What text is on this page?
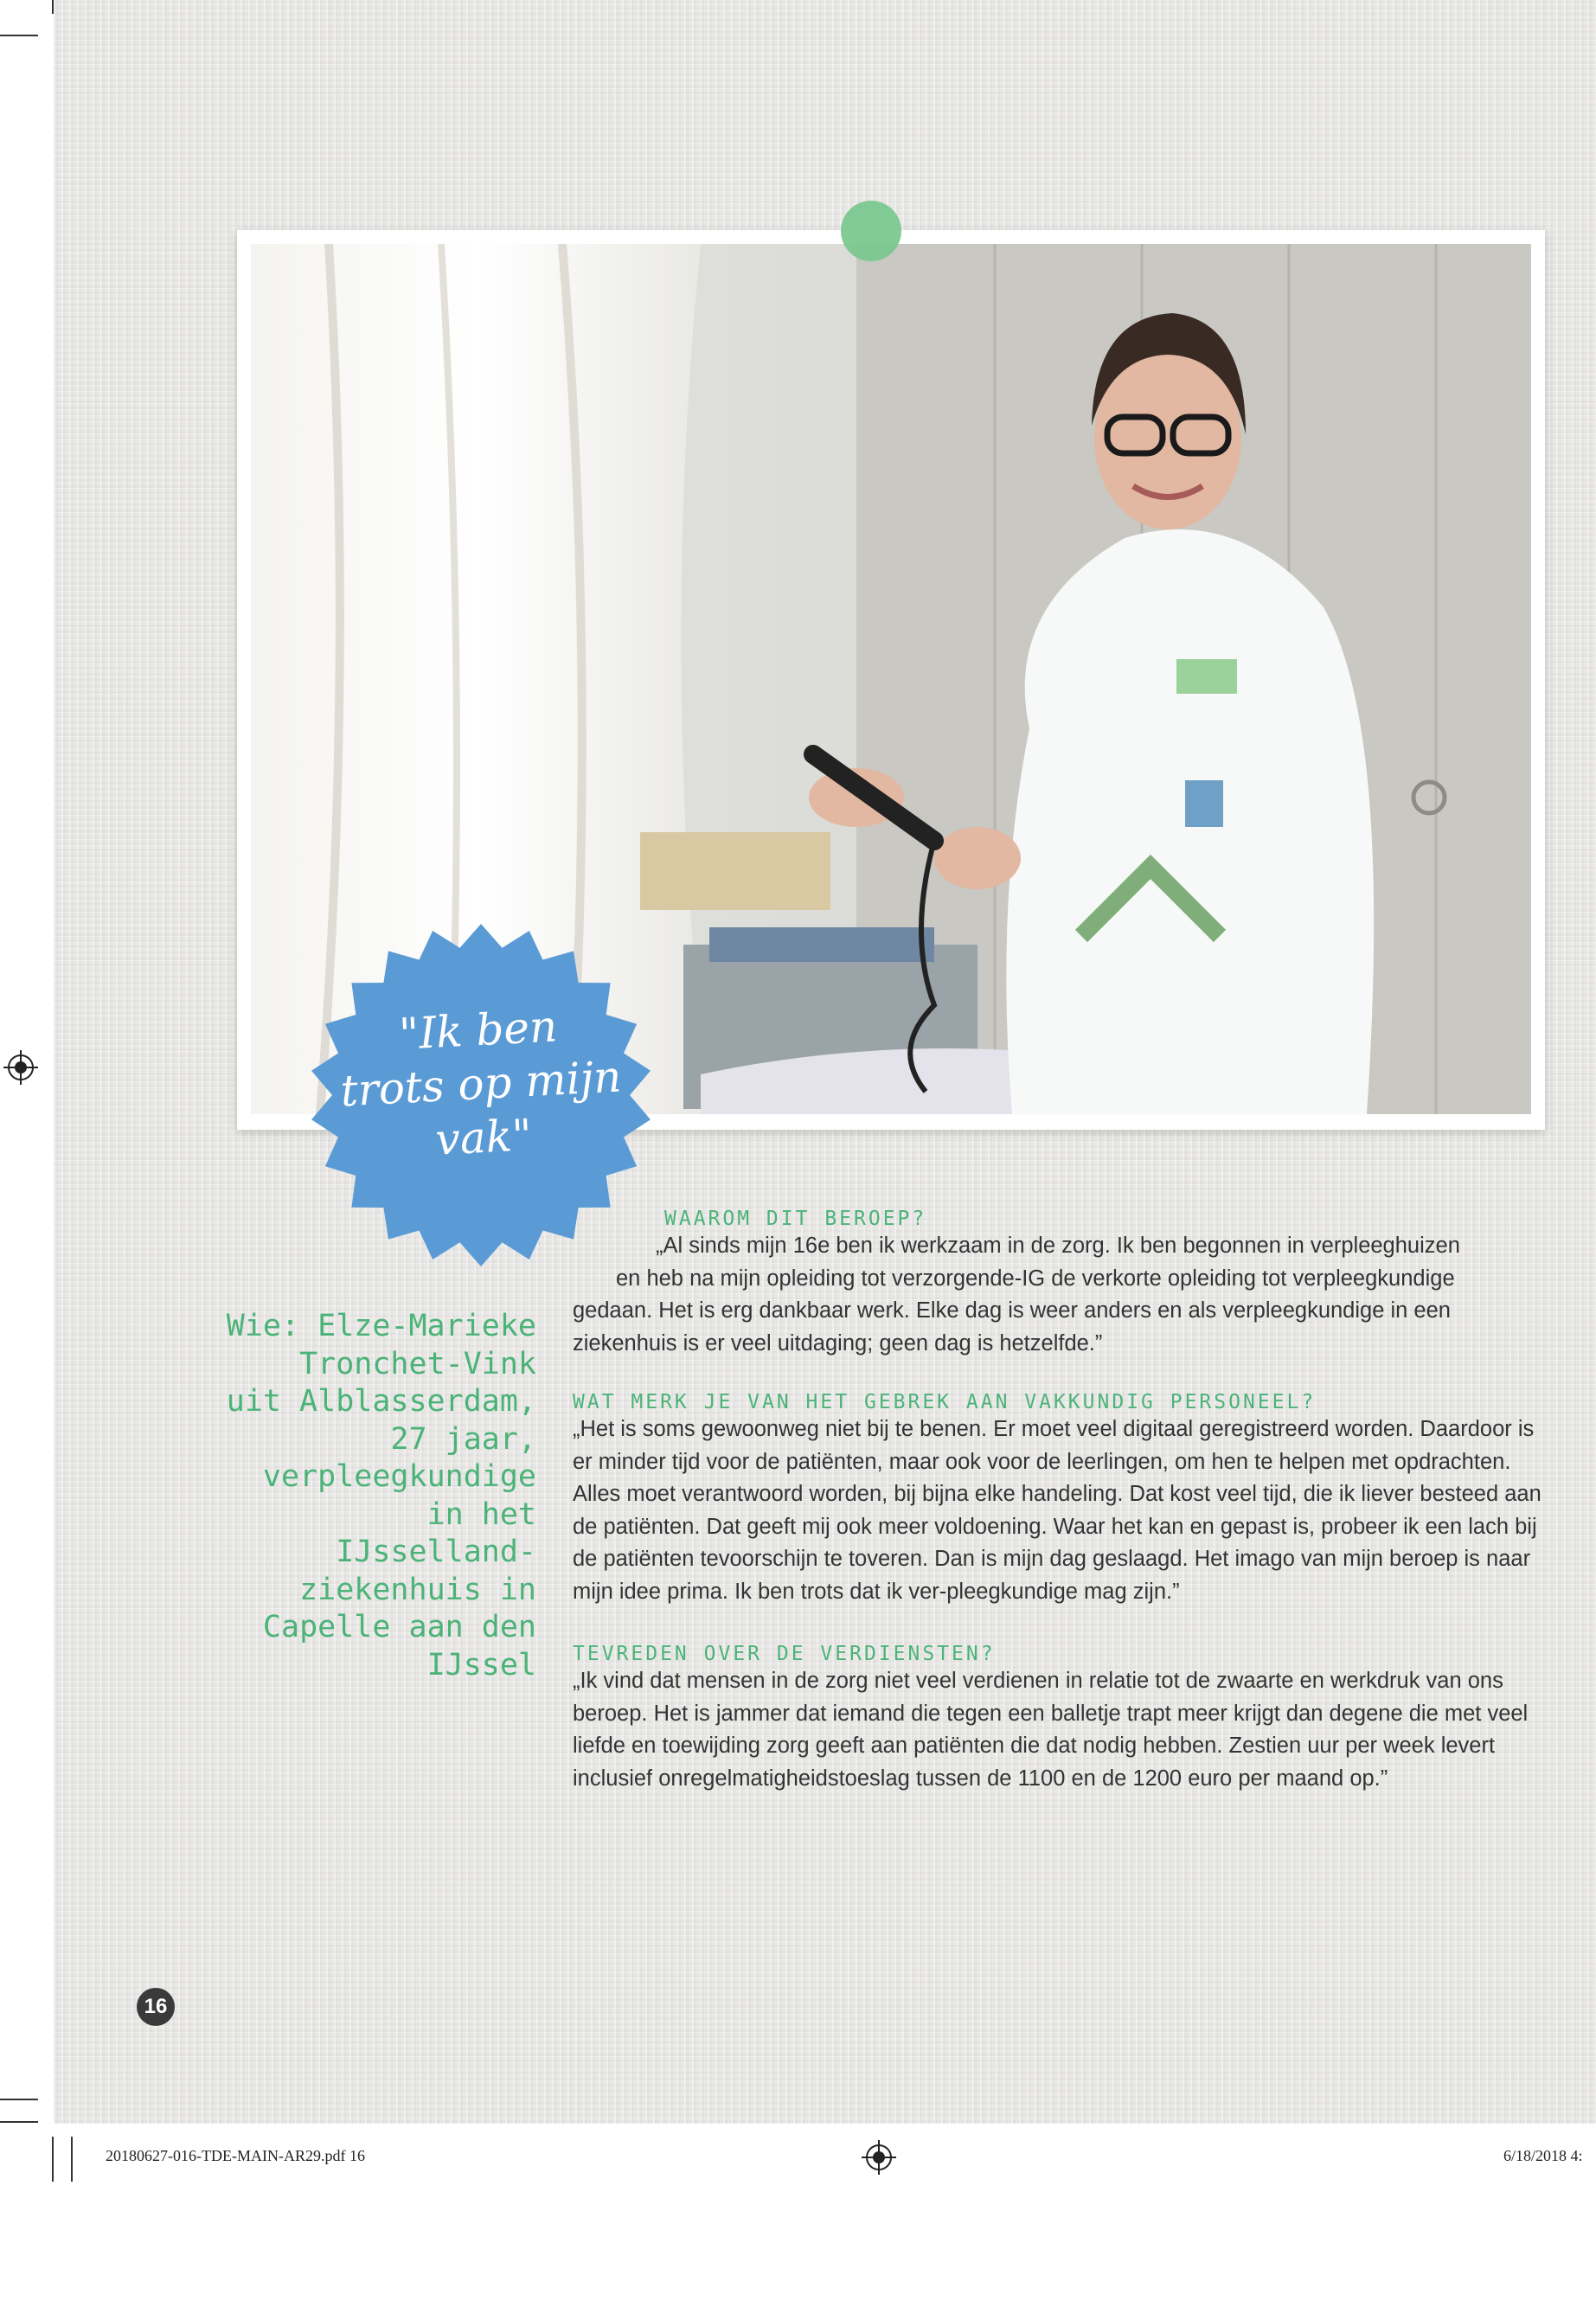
"Ik ben
trots op mijn
vak"
Wie: Elze-Marieke
Tronchet-Vink
uit Alblasserdam,
27 jaar,
verpleegkundige
in het
IJsselland-
ziekenhuis in
Capelle aan den
IJssel

WAAROM DIT BEROEP?

„Al sinds mijn 16e ben ik werkzaam in de zorg. Ik ben begonnen in verpleeghuizen

en heb na mijn opleiding tot verzorgende-IG de verkorte opleiding tot verpleegkundige

gedaan. Het is erg dankbaar werk. Elke dag is weer anders en als verpleegkundige in een

ziekenhuis is er veel uitdaging; geen dag is hetzelfde.”

WAT MERK JE VAN HET GEBREK AAN VAKKUNDIG PERSONEEL?

„Het is soms gewoonweg niet bij te benen. Er moet veel digitaal geregistreerd worden. Daardoor is er minder tijd voor de patiënten, maar ook voor de leerlingen, om hen te helpen met opdrachten. Alles moet verantwoord worden, bij bijna elke handeling. Dat kost veel tijd, die ik liever besteed aan de patiënten. Dat geeft mij ook meer voldoening. Waar het kan en gepast is, probeer ik een lach bij de patiënten tevoorschijn te toveren. Dan is mijn dag geslaagd. Het imago van mijn beroep is naar mijn idee prima. Ik ben trots dat ik ver-pleegkundige mag zijn.”

TEVREDEN OVER DE VERDIENSTEN?

„Ik vind dat mensen in de zorg niet veel verdienen in relatie tot de zwaarte en werkdruk van ons beroep. Het is jammer dat iemand die tegen een balletje trapt meer krijgt dan degene die met veel liefde en toewijding zorg geeft aan patiënten die dat nodig hebben. Zestien uur per week levert inclusief onregelmatigheidstoeslag tussen de 1100 en de 1200 euro per maand op.”

16
20180627-016-TDE-MAIN-AR29.pdf 16	6/18/2018 4:
